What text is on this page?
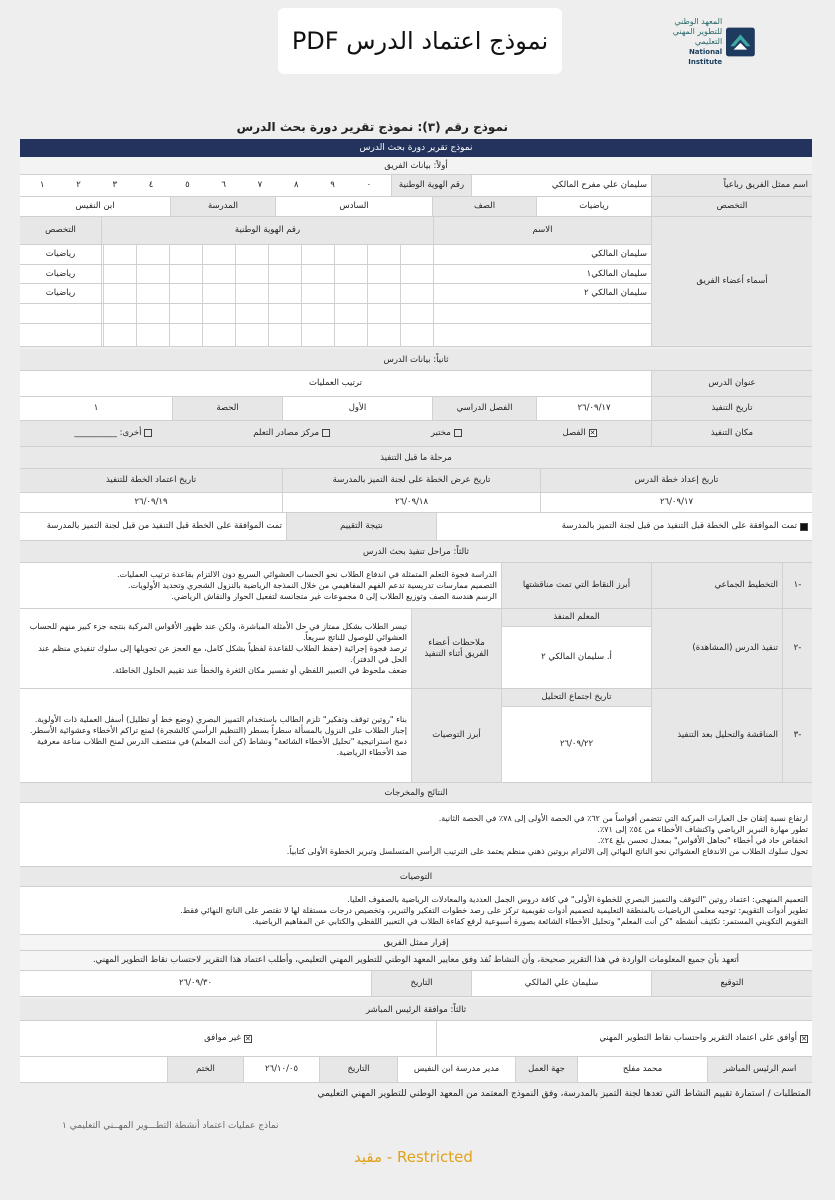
نموذج اعتماد الدرس PDF
المعهد الوطني
للتطوير المهني التعليمي
National Institute
نموذج رقم (٣): نموذج تقرير دورة بحث الدرس
نموذج تقرير دورة بحث الدرس
أولاً: بيانات الفريق
اسم ممثل الفريق رباعياً
سليمان علي مفرح المالكي
رقم الهوية الوطنية
٠
٩
٨
٧
٦
٥
٤
٣
٢
١
التخصص
رياضيات
الصف
السادس
المدرسة
ابن النفيس
أسماء أعضاء الفريق
الاسم
رقم الهوية الوطنية
التخصص
سليمان المالكي
رياضيات
سليمان المالكي١
رياضيات
سليمان المالكي ٢
رياضيات
ثانياً: بيانات الدرس
عنوان الدرس
ترتيب العمليات
تاريخ التنفيذ
٢٦/٠٩/١٧
الفصل الدراسي
الأول
الحصة
١
مكان التنفيذ
✕الفصل
مختبر
مركز مصادر التعلم
أخرى: __________
مرحلة ما قبل التنفيذ
تاريخ إعداد خطة الدرس
تاريخ عرض الخطة على لجنة التميز بالمدرسة
تاريخ اعتماد الخطة للتنفيذ
٢٦/٠٩/١٧
٢٦/٠٩/١٨
٢٦/٠٩/١٩
تمت الموافقة على الخطة قبل التنفيذ من قبل لجنة التميز بالمدرسة
نتيجة التقييم
تمت الموافقة على الخطة قبل التنفيذ من قبل لجنة التميز بالمدرسة
ثالثاً: مراحل تنفيذ بحث الدرس
-١
التخطيط الجماعي
أبرز النقاط التي تمت مناقشتها
الدراسة فجوة التعلم المتمثلة في اندفاع الطلاب نحو الحساب العشوائي السريع دون الالتزام بقاعدة ترتيب العمليات.
التصميم ممارسات تدريسية تدعم الفهم المفاهيمي من خلال النمذجة الرياضية بالنزول الشجري وتحديد الأولويات.
الرسم هندسة الصف وتوزيع الطلاب إلى ٥ مجموعات غير متجانسة لتفعيل الحوار والنقاش الرياضي.
-٢
تنفيذ الدرس (المشاهدة)
المعلم المنفذ
أ. سليمان المالكي ٢
ملاحظات أعضاء الفريق أثناء التنفيذ
تيسر الطلاب بشكل ممتاز في حل الأمثلة المباشرة، ولكن عند ظهور الأقواس المركبة بنتجه جزء كبير منهم للحساب العشوائي للوصول للناتج سريعاً.
ترصد فجوة إجرائية (حفظ الطلاب للقاعدة لفظياً بشكل كامل، مع العجز عن تحويلها إلى سلوك تنفيذي منظم عند الحل في الدفتر).
ضعف ملحوظ في التعبير اللفظي أو تفسير مكان الثغرة والخطأ عند تقييم الحلول الخاطئة.
-٣
المناقشة والتحليل بعد التنفيذ
تاريخ اجتماع التحليل
٢٦/٠٩/٢٢
أبرز التوصيات
بناء "روتين توقف وتفكير" تلزم الطالب باستخدام التمييز البصري (وضع خط أو تظليل) أسفل العملية ذات الأولوية.
إجبار الطلاب على النزول بالمسألة سطراً بسطر (التنظيم الرأسي كالشجرة) لمنع تراكم الأخطاء وعشوائية الأسطر.
دمج استراتيجية "تحليل الأخطاء الشائعة" ونشاط (كن أنت المعلم) في منتصف الدرس لمنح الطلاب مناعة معرفية ضد الأخطاء الرياضية.
النتائج والمخرجات
ارتفاع نسبة إتقان حل العبارات المركبة التي تتضمن أقواساً من ٦٢٪ في الحصة الأولى إلى ٧٨٪ في الحصة الثانية.
تطور مهارة التبرير الرياضي واكتشاف الأخطاء من ٥٤٪ إلى ٧١٪.
انخفاض حاد في أخطاء "تجاهل الأقواس" بمعدل تحسن بلغ ٢٤٪.
تحول سلوك الطلاب من الاندفاع العشوائي نحو الناتج النهائي إلى الالتزام بروتين ذهني منظم يعتمد على الترتيب الرأسي المتسلسل وتبرير الخطوة الأولى كتابياً.
التوصيات
التعميم المنهجي: اعتماد روتين "التوقف والتمييز البصري للخطوة الأولى" في كافة دروس الجمل العددية والمعادلات الرياضية بالصفوف العليا.
تطوير أدوات التقويم: توجيه معلمي الرياضيات بالمنطقة التعليمية لتصميم أدوات تقويمية تركز على رصد خطوات التفكير والتبرير، وتخصيص درجات مستقلة لها لا تقتصر على الناتج النهائي فقط.
التقويم التكويني المستمر: تكثيف أنشطة "كن أنت المعلم" وتحليل الأخطاء الشائعة بصورة أسبوعية لرفع كفاءة الطلاب في التعبير اللفظي والكتابي عن المفاهيم الرياضية.
إقرار ممثل الفريق
أتعهد بأن جميع المعلومات الواردة في هذا التقرير صحيحة، وأن النشاط نُفذ وفق معايير المعهد الوطني للتطوير المهني التعليمي، وأطلب اعتماد هذا التقرير لاحتساب نقاط التطوير المهني.
التوقيع
سليمان علي المالكي
التاريخ
٢٦/٠٩/٣٠
ثالثاً: موافقة الرئيس المباشر
✕
أوافق على اعتماد التقرير واحتساب نقاط التطوير المهني
✕
غير موافق
اسم الرئيس المباشر
محمد مفلح
جهة العمل
مدير مدرسة ابن النفيس
التاريخ
٢٦/١٠/٠٥
الختم
المتطلبات / استمارة تقييم النشاط التي تعدها لجنة التميز بالمدرسة، وفق النموذج المعتمد من المعهد الوطني للتطوير المهني التعليمي
نماذج عمليات اعتماد أنشطة التطـــوير المهــني التعليمي ١
Restricted - مقيد
